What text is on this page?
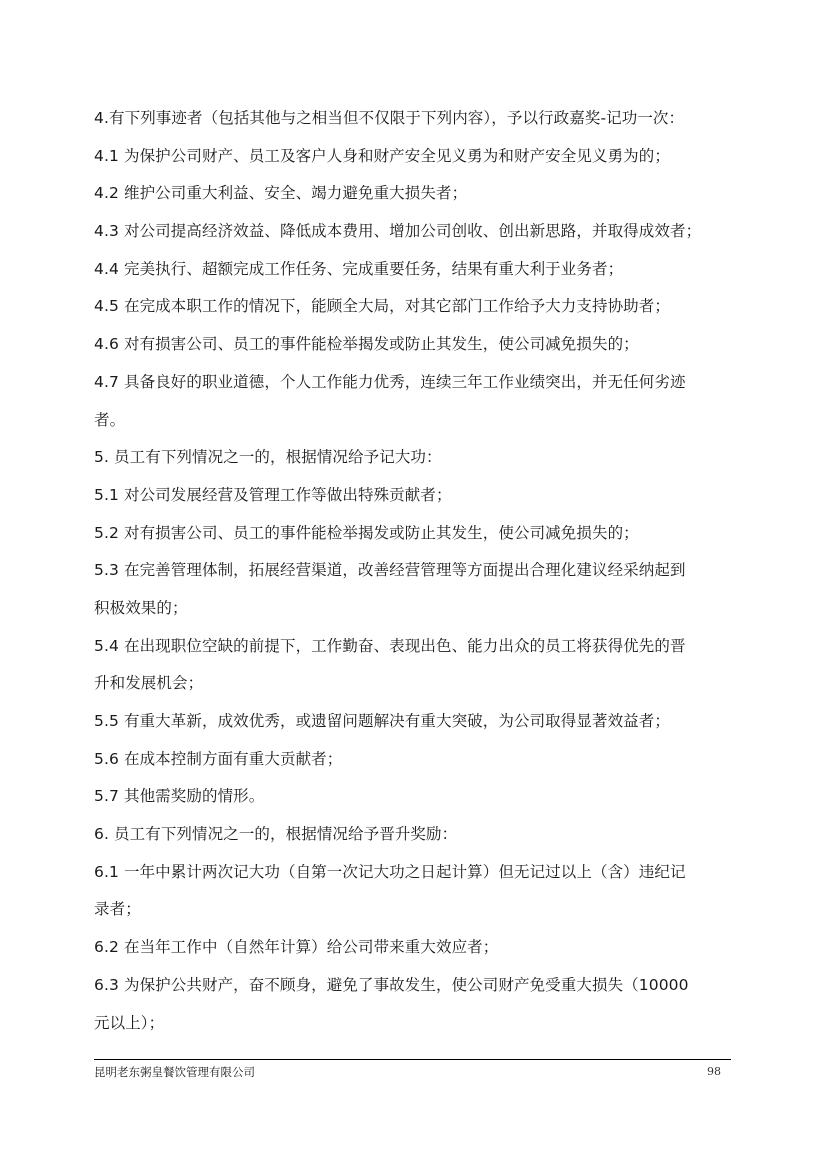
4.有下列事迹者（包括其他与之相当但不仅限于下列内容），予以行政嘉奖-记功一次：

4.1 为保护公司财产、员工及客户人身和财产安全见义勇为和财产安全见义勇为的；

4.2 维护公司重大利益、安全、竭力避免重大损失者；

4.3 对公司提高经济效益、降低成本费用、增加公司创收、创出新思路，并取得成效者；

4.4 完美执行、超额完成工作任务、完成重要任务，结果有重大利于业务者；

4.5 在完成本职工作的情况下，能顾全大局，对其它部门工作给予大力支持协助者；

4.6 对有损害公司、员工的事件能检举揭发或防止其发生，使公司减免损失的；

4.7 具备良好的职业道德，个人工作能力优秀，连续三年工作业绩突出，并无任何劣迹

者。

5. 员工有下列情况之一的，根据情况给予记大功：

5.1 对公司发展经营及管理工作等做出特殊贡献者；

5.2 对有损害公司、员工的事件能检举揭发或防止其发生，使公司减免损失的；

5.3 在完善管理体制，拓展经营渠道，改善经营管理等方面提出合理化建议经采纳起到

积极效果的；

5.4 在出现职位空缺的前提下，工作勤奋、表现出色、能力出众的员工将获得优先的晋

升和发展机会；

5.5 有重大革新，成效优秀，或遗留问题解决有重大突破，为公司取得显著效益者；

5.6 在成本控制方面有重大贡献者；

5.7 其他需奖励的情形。

6. 员工有下列情况之一的，根据情况给予晋升奖励：

6.1 一年中累计两次记大功（自第一次记大功之日起计算）但无记过以上（含）违纪记

录者；

6.2 在当年工作中（自然年计算）给公司带来重大效应者；

6.3 为保护公共财产，奋不顾身，避免了事故发生，使公司财产免受重大损失（10000

元以上）；

昆明老东粥皇餐饮管理有限公司	98
